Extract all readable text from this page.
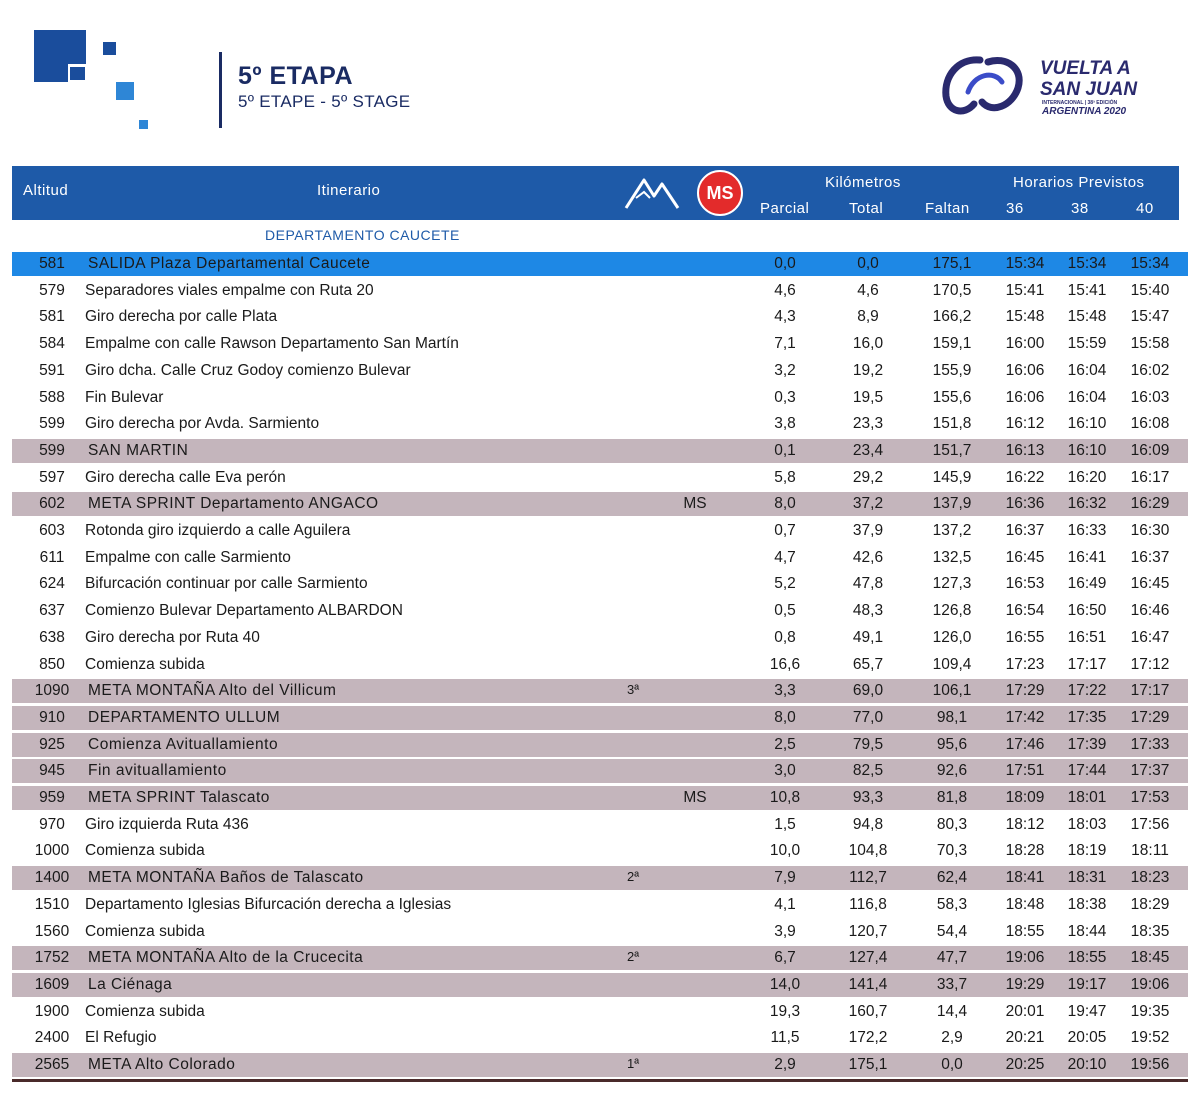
5º ETAPA
5º ETAPE - 5º STAGE
VUELTA A
SAN JUAN
INTERNACIONAL | 38ª EDICIÓN
ARGENTINA 2020
Altitud	Itinerario	MS
Kilómetros
Parcial	Total	Faltan
Horarios Previstos
36	38	40
DEPARTAMENTO CAUCETE
581	SALIDA Plaza Departamental Caucete	0,0	0,0	175,1	15:34	15:34	15:34
579	Separadores viales empalme con Ruta 20	4,6	4,6	170,5	15:41	15:41	15:40
581	Giro derecha por calle Plata	4,3	8,9	166,2	15:48	15:48	15:47
584	Empalme con calle Rawson Departamento San Martín	7,1	16,0	159,1	16:00	15:59	15:58
591	Giro dcha. Calle Cruz Godoy comienzo Bulevar	3,2	19,2	155,9	16:06	16:04	16:02
588	Fin Bulevar	0,3	19,5	155,6	16:06	16:04	16:03
599	Giro derecha por Avda. Sarmiento	3,8	23,3	151,8	16:12	16:10	16:08
599	SAN MARTIN	0,1	23,4	151,7	16:13	16:10	16:09
597	Giro derecha calle Eva perón	5,8	29,2	145,9	16:22	16:20	16:17
602	META SPRINT Departamento ANGACO	MS	8,0	37,2	137,9	16:36	16:32	16:29
603	Rotonda giro izquierdo a calle Aguilera	0,7	37,9	137,2	16:37	16:33	16:30
611	Empalme con calle Sarmiento	4,7	42,6	132,5	16:45	16:41	16:37
624	Bifurcación continuar por calle Sarmiento	5,2	47,8	127,3	16:53	16:49	16:45
637	Comienzo Bulevar Departamento ALBARDON	0,5	48,3	126,8	16:54	16:50	16:46
638	Giro derecha por Ruta 40	0,8	49,1	126,0	16:55	16:51	16:47
850	Comienza subida	16,6	65,7	109,4	17:23	17:17	17:12
1090	META MONTAÑA Alto del Villicum	3ª	3,3	69,0	106,1	17:29	17:22	17:17
910	DEPARTAMENTO ULLUM	8,0	77,0	98,1	17:42	17:35	17:29
925	Comienza Avituallamiento	2,5	79,5	95,6	17:46	17:39	17:33
945	Fin avituallamiento	3,0	82,5	92,6	17:51	17:44	17:37
959	META SPRINT Talascato	MS	10,8	93,3	81,8	18:09	18:01	17:53
970	Giro izquierda Ruta 436	1,5	94,8	80,3	18:12	18:03	17:56
1000	Comienza subida	10,0	104,8	70,3	18:28	18:19	18:11
1400	META MONTAÑA Baños de Talascato	2ª	7,9	112,7	62,4	18:41	18:31	18:23
1510	Departamento Iglesias Bifurcación derecha a Iglesias	4,1	116,8	58,3	18:48	18:38	18:29
1560	Comienza subida	3,9	120,7	54,4	18:55	18:44	18:35
1752	META MONTAÑA Alto de la Crucecita	2ª	6,7	127,4	47,7	19:06	18:55	18:45
1609	La Ciénaga	14,0	141,4	33,7	19:29	19:17	19:06
1900	Comienza subida	19,3	160,7	14,4	20:01	19:47	19:35
2400	El Refugio	11,5	172,2	2,9	20:21	20:05	19:52
2565	META Alto Colorado	1ª	2,9	175,1	0,0	20:25	20:10	19:56
